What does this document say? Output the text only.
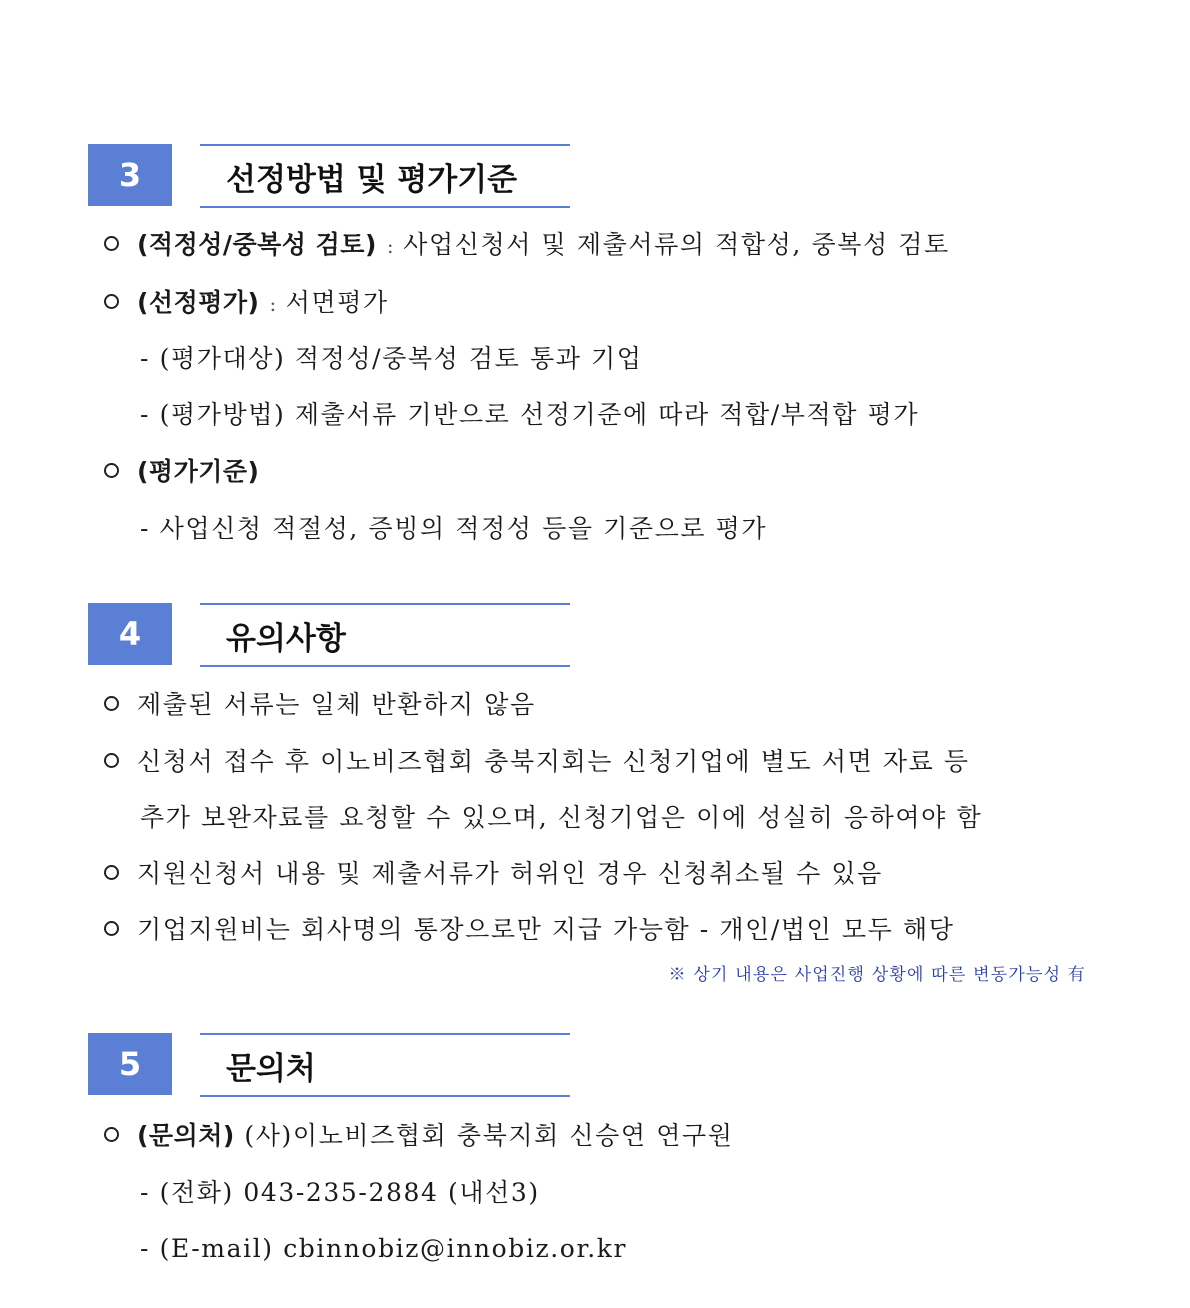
3	선정방법 및 평가기준
(적정성/중복성 검토) : 사업신청서 및 제출서류의 적합성, 중복성 검토
(선정평가) : 서면평가
- (평가대상) 적정성/중복성 검토 통과 기업
- (평가방법) 제출서류 기반으로 선정기준에 따라 적합/부적합 평가
(평가기준)
- 사업신청 적절성, 증빙의 적정성 등을 기준으로 평가
4	유의사항
제출된 서류는 일체 반환하지 않음
신청서 접수 후 이노비즈협회 충북지회는 신청기업에 별도 서면 자료 등
추가 보완자료를 요청할 수 있으며, 신청기업은 이에 성실히 응하여야 함
지원신청서 내용 및 제출서류가 허위인 경우 신청취소될 수 있음
기업지원비는 회사명의 통장으로만 지급 가능함 - 개인/법인 모두 해당
※ 상기 내용은 사업진행 상황에 따른 변동가능성 有
5	문의처
(문의처) (사)이노비즈협회 충북지회 신승연 연구원
- (전화) 043-235-2884 (내선3)
- (E-mail) cbinnobiz@innobiz.or.kr
